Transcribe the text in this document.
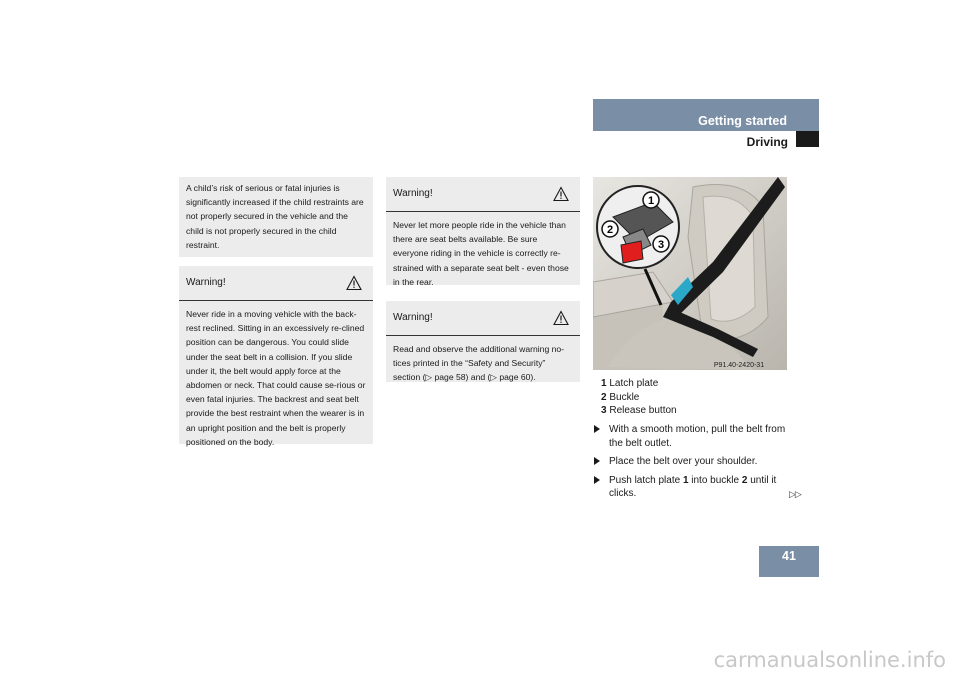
Getting started
Driving

A child’s risk of serious or fatal injuries is significantly increased if the child restraints are not properly secured in the vehicle and the child is not properly secured in the child restraint.

Warning!

Never ride in a moving vehicle with the back-rest reclined. Sitting in an excessively re-clined position can be dangerous. You could slide under the seat belt in a collision. If you slide under it, the belt would apply force at the abdomen or neck. That could cause se-rious or even fatal injuries. The backrest and seat belt provide the best restraint when the wearer is in an upright position and the belt is properly positioned on the body.

Warning!

Never let more people ride in the vehicle than there are seat belts available. Be sure everyone riding in the vehicle is correctly re-strained with a separate seat belt - even those in the rear.

Warning!

Read and observe the additional warning no-tices printed in the “Safety and Security” section (▷ page 58) and (▷ page 60).

1
2
3
P91.40-2420-31
1 Latch plate
2 Buckle
3 Release button
With a smooth motion, pull the belt from the belt outlet.
Place the belt over your shoulder.
Push latch plate 1 into buckle 2 until it clicks.	▷▷
41
carmanualsonline.info
